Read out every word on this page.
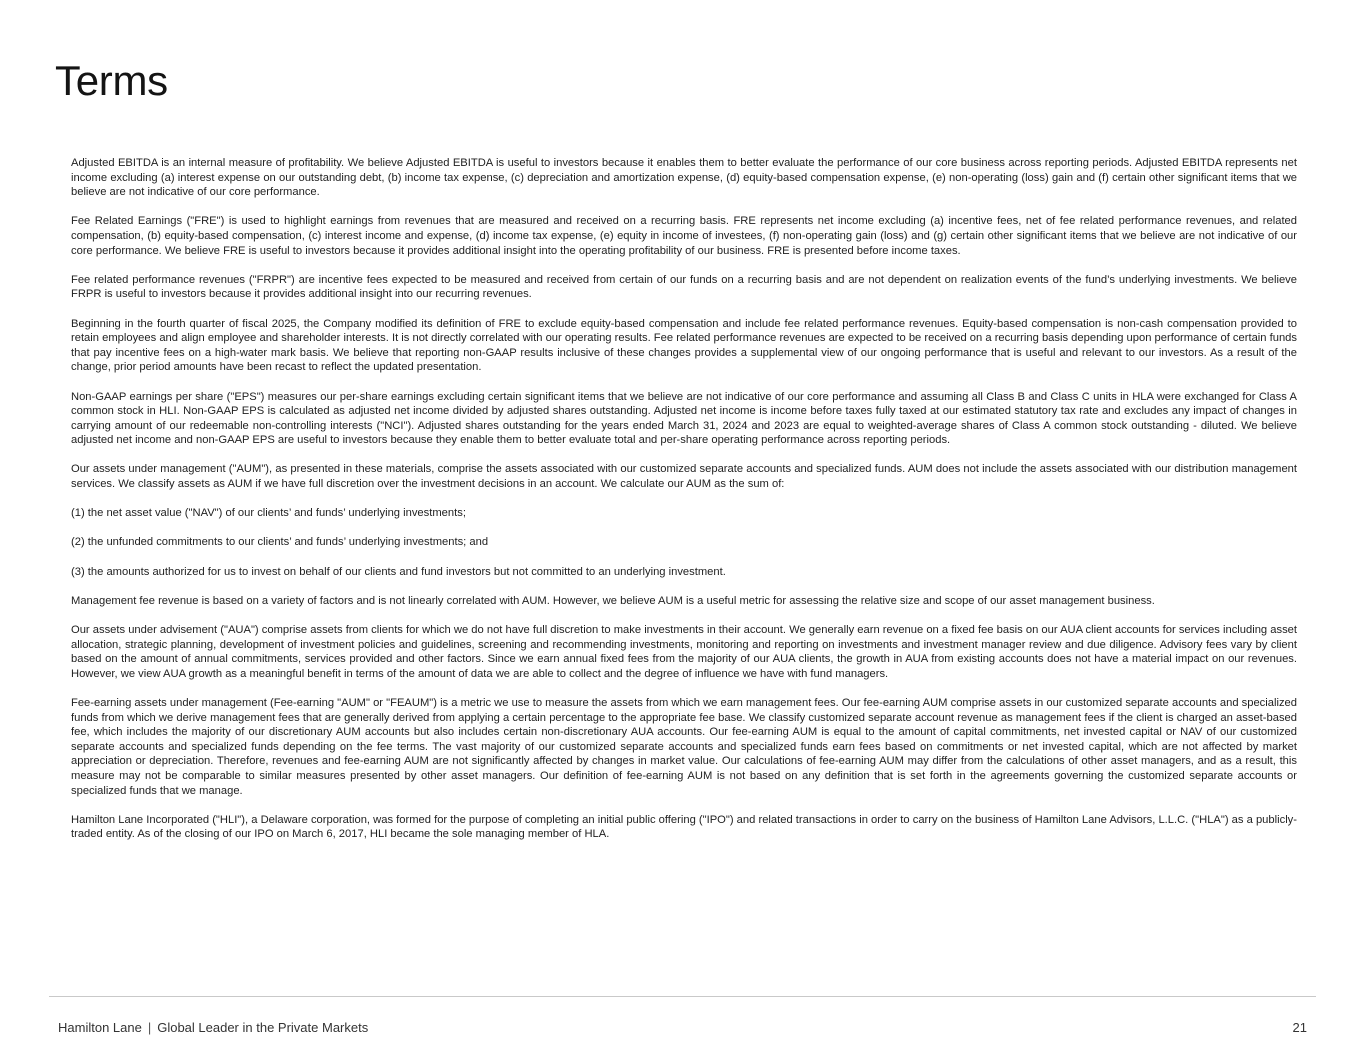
Terms

Adjusted EBITDA is an internal measure of profitability. We believe Adjusted EBITDA is useful to investors because it enables them to better evaluate the performance of our core business across reporting periods. Adjusted EBITDA represents net income excluding (a) interest expense on our outstanding debt, (b) income tax expense, (c) depreciation and amortization expense, (d) equity-based compensation expense, (e) non-operating (loss) gain and (f) certain other significant items that we believe are not indicative of our core performance.

Fee Related Earnings ("FRE") is used to highlight earnings from revenues that are measured and received on a recurring basis. FRE represents net income excluding (a) incentive fees, net of fee related performance revenues, and related compensation, (b) equity-based compensation, (c) interest income and expense, (d) income tax expense, (e) equity in income of investees, (f) non-operating gain (loss) and (g) certain other significant items that we believe are not indicative of our core performance. We believe FRE is useful to investors because it provides additional insight into the operating profitability of our business. FRE is presented before income taxes.

Fee related performance revenues ("FRPR") are incentive fees expected to be measured and received from certain of our funds on a recurring basis and are not dependent on realization events of the fund’s underlying investments. We believe FRPR is useful to investors because it provides additional insight into our recurring revenues.

Beginning in the fourth quarter of fiscal 2025, the Company modified its definition of FRE to exclude equity-based compensation and include fee related performance revenues. Equity-based compensation is non-cash compensation provided to retain employees and align employee and shareholder interests. It is not directly correlated with our operating results. Fee related performance revenues are expected to be received on a recurring basis depending upon performance of certain funds that pay incentive fees on a high-water mark basis. We believe that reporting non-GAAP results inclusive of these changes provides a supplemental view of our ongoing performance that is useful and relevant to our investors. As a result of the change, prior period amounts have been recast to reflect the updated presentation.

Non-GAAP earnings per share ("EPS") measures our per-share earnings excluding certain significant items that we believe are not indicative of our core performance and assuming all Class B and Class C units in HLA were exchanged for Class A common stock in HLI. Non-GAAP EPS is calculated as adjusted net income divided by adjusted shares outstanding. Adjusted net income is income before taxes fully taxed at our estimated statutory tax rate and excludes any impact of changes in carrying amount of our redeemable non-controlling interests ("NCI"). Adjusted shares outstanding for the years ended March 31, 2024 and 2023 are equal to weighted-average shares of Class A common stock outstanding - diluted. We believe adjusted net income and non-GAAP EPS are useful to investors because they enable them to better evaluate total and per-share operating performance across reporting periods.

Our assets under management ("AUM"), as presented in these materials, comprise the assets associated with our customized separate accounts and specialized funds. AUM does not include the assets associated with our distribution management services. We classify assets as AUM if we have full discretion over the investment decisions in an account. We calculate our AUM as the sum of:

(1) the net asset value ("NAV") of our clients’ and funds’ underlying investments;

(2) the unfunded commitments to our clients’ and funds’ underlying investments; and

(3) the amounts authorized for us to invest on behalf of our clients and fund investors but not committed to an underlying investment.

Management fee revenue is based on a variety of factors and is not linearly correlated with AUM. However, we believe AUM is a useful metric for assessing the relative size and scope of our asset management business.

Our assets under advisement ("AUA") comprise assets from clients for which we do not have full discretion to make investments in their account. We generally earn revenue on a fixed fee basis on our AUA client accounts for services including asset allocation, strategic planning, development of investment policies and guidelines, screening and recommending investments, monitoring and reporting on investments and investment manager review and due diligence. Advisory fees vary by client based on the amount of annual commitments, services provided and other factors. Since we earn annual fixed fees from the majority of our AUA clients, the growth in AUA from existing accounts does not have a material impact on our revenues. However, we view AUA growth as a meaningful benefit in terms of the amount of data we are able to collect and the degree of influence we have with fund managers.

Fee-earning assets under management (Fee-earning "AUM" or "FEAUM") is a metric we use to measure the assets from which we earn management fees. Our fee-earning AUM comprise assets in our customized separate accounts and specialized funds from which we derive management fees that are generally derived from applying a certain percentage to the appropriate fee base. We classify customized separate account revenue as management fees if the client is charged an asset-based fee, which includes the majority of our discretionary AUM accounts but also includes certain non-discretionary AUA accounts. Our fee-earning AUM is equal to the amount of capital commitments, net invested capital or NAV of our customized separate accounts and specialized funds depending on the fee terms. The vast majority of our customized separate accounts and specialized funds earn fees based on commitments or net invested capital, which are not affected by market appreciation or depreciation. Therefore, revenues and fee-earning AUM are not significantly affected by changes in market value. Our calculations of fee-earning AUM may differ from the calculations of other asset managers, and as a result, this measure may not be comparable to similar measures presented by other asset managers. Our definition of fee-earning AUM is not based on any definition that is set forth in the agreements governing the customized separate accounts or specialized funds that we manage.

Hamilton Lane Incorporated ("HLI"), a Delaware corporation, was formed for the purpose of completing an initial public offering ("IPO") and related transactions in order to carry on the business of Hamilton Lane Advisors, L.L.C. ("HLA") as a publicly-traded entity. As of the closing of our IPO on March 6, 2017, HLI became the sole managing member of HLA.

Hamilton Lane | Global Leader in the Private Markets	21
